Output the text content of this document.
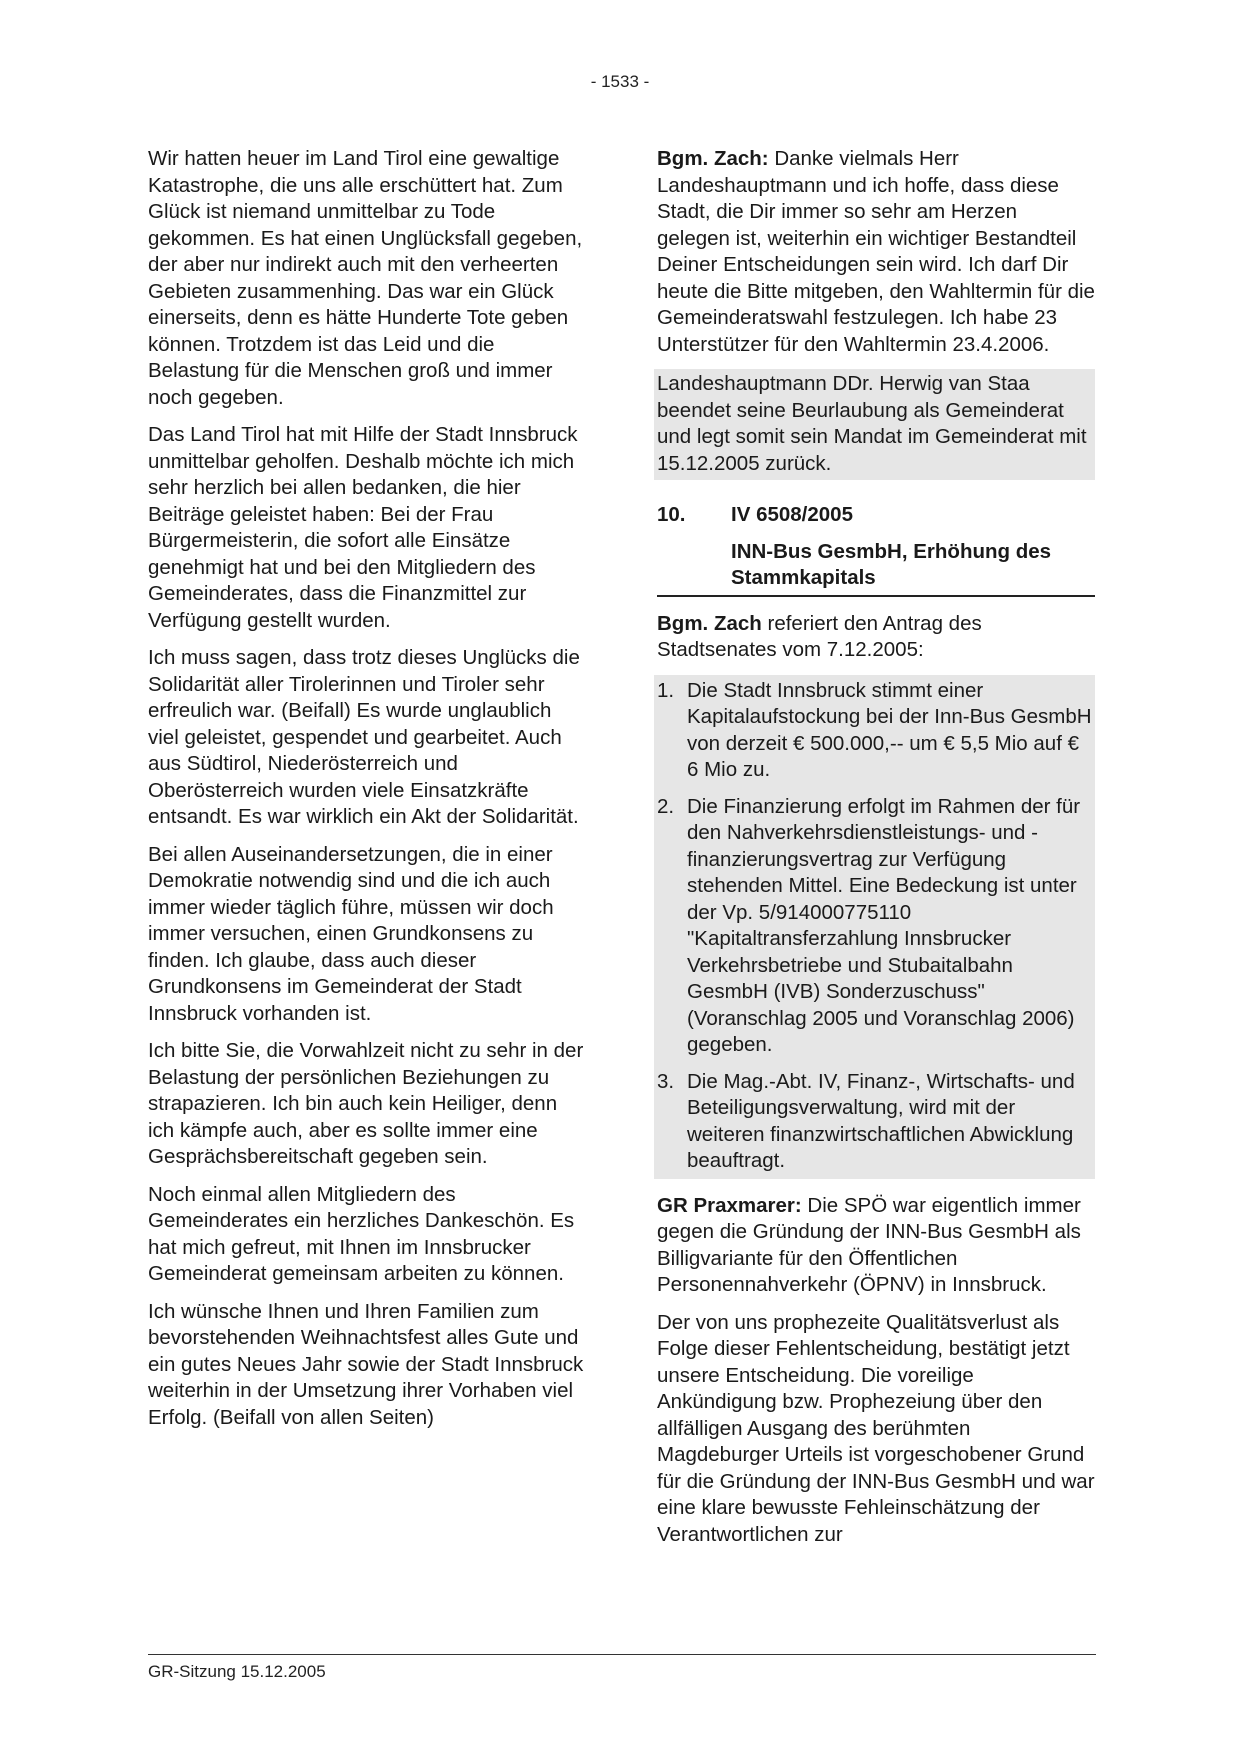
- 1533 -

Wir hatten heuer im Land Tirol eine gewaltige Katastrophe, die uns alle erschüttert hat. Zum Glück ist niemand unmittelbar zu Tode gekommen. Es hat einen Unglücksfall gegeben, der aber nur indirekt auch mit den verheerten Gebieten zusammenhing. Das war ein Glück einerseits, denn es hätte Hunderte Tote geben können. Trotzdem ist das Leid und die Belastung für die Menschen groß und immer noch gegeben.

Das Land Tirol hat mit Hilfe der Stadt Innsbruck unmittelbar geholfen. Deshalb möchte ich mich sehr herzlich bei allen bedanken, die hier Beiträge geleistet haben: Bei der Frau Bürgermeisterin, die sofort alle Einsätze genehmigt hat und bei den Mitgliedern des Gemeinderates, dass die Finanzmittel zur Verfügung gestellt wurden.

Ich muss sagen, dass trotz dieses Unglücks die Solidarität aller Tirolerinnen und Tiroler sehr erfreulich war. (Beifall) Es wurde unglaublich viel geleistet, gespendet und gearbeitet. Auch aus Südtirol, Niederösterreich und Oberösterreich wurden viele Einsatzkräfte entsandt. Es war wirklich ein Akt der Solidarität.

Bei allen Auseinandersetzungen, die in einer Demokratie notwendig sind und die ich auch immer wieder täglich führe, müssen wir doch immer versuchen, einen Grundkonsens zu finden. Ich glaube, dass auch dieser Grundkonsens im Gemeinderat der Stadt Innsbruck vorhanden ist.

Ich bitte Sie, die Vorwahlzeit nicht zu sehr in der Belastung der persönlichen Beziehungen zu strapazieren. Ich bin auch kein Heiliger, denn ich kämpfe auch, aber es sollte immer eine Gesprächsbereitschaft gegeben sein.

Noch einmal allen Mitgliedern des Gemeinderates ein herzliches Dankeschön. Es hat mich gefreut, mit Ihnen im Innsbrucker Gemeinderat gemeinsam arbeiten zu können.

Ich wünsche Ihnen und Ihren Familien zum bevorstehenden Weihnachtsfest alles Gute und ein gutes Neues Jahr sowie der Stadt Innsbruck weiterhin in der Umsetzung ihrer Vorhaben viel Erfolg. (Beifall von allen Seiten)

Bgm. Zach: Danke vielmals Herr Landeshauptmann und ich hoffe, dass diese Stadt, die Dir immer so sehr am Herzen gelegen ist, weiterhin ein wichtiger Bestandteil Deiner Entscheidungen sein wird. Ich darf Dir heute die Bitte mitgeben, den Wahltermin für die Gemeinderatswahl festzulegen. Ich habe 23 Unterstützer für den Wahltermin 23.4.2006.

Landeshauptmann DDr. Herwig van Staa beendet seine Beurlaubung als Gemeinderat und legt somit sein Mandat im Gemeinderat mit 15.12.2005 zurück.
10.	IV 6508/2005
INN-Bus GesmbH, Erhöhung des Stammkapitals

Bgm. Zach referiert den Antrag des Stadtsenates vom 7.12.2005:

1. Die Stadt Innsbruck stimmt einer Kapitalaufstockung bei der Inn-Bus GesmbH von derzeit € 500.000,-- um € 5,5 Mio auf € 6 Mio zu.
2. Die Finanzierung erfolgt im Rahmen der für den Nahverkehrsdienstleistungs- und -finanzierungsvertrag zur Verfügung stehenden Mittel. Eine Bedeckung ist unter der Vp. 5/914000775110 "Kapitaltransferzahlung Innsbrucker Verkehrsbetriebe und Stubaitalbahn GesmbH (IVB) Sonderzuschuss" (Voranschlag 2005 und Voranschlag 2006) gegeben.
3. Die Mag.-Abt. IV, Finanz-, Wirtschafts- und Beteiligungsverwaltung, wird mit der weiteren finanzwirtschaftlichen Abwicklung beauftragt.

GR Praxmarer: Die SPÖ war eigentlich immer gegen die Gründung der INN-Bus GesmbH als Billigvariante für den Öffentlichen Personennahverkehr (ÖPNV) in Innsbruck.

Der von uns prophezeite Qualitätsverlust als Folge dieser Fehlentscheidung, bestätigt jetzt unsere Entscheidung. Die voreilige Ankündigung bzw. Prophezeiung über den allfälligen Ausgang des berühmten Magdeburger Urteils ist vorgeschobener Grund für die Gründung der INN-Bus GesmbH und war eine klare bewusste Fehleinschätzung der Verantwortlichen zur

GR-Sitzung 15.12.2005
